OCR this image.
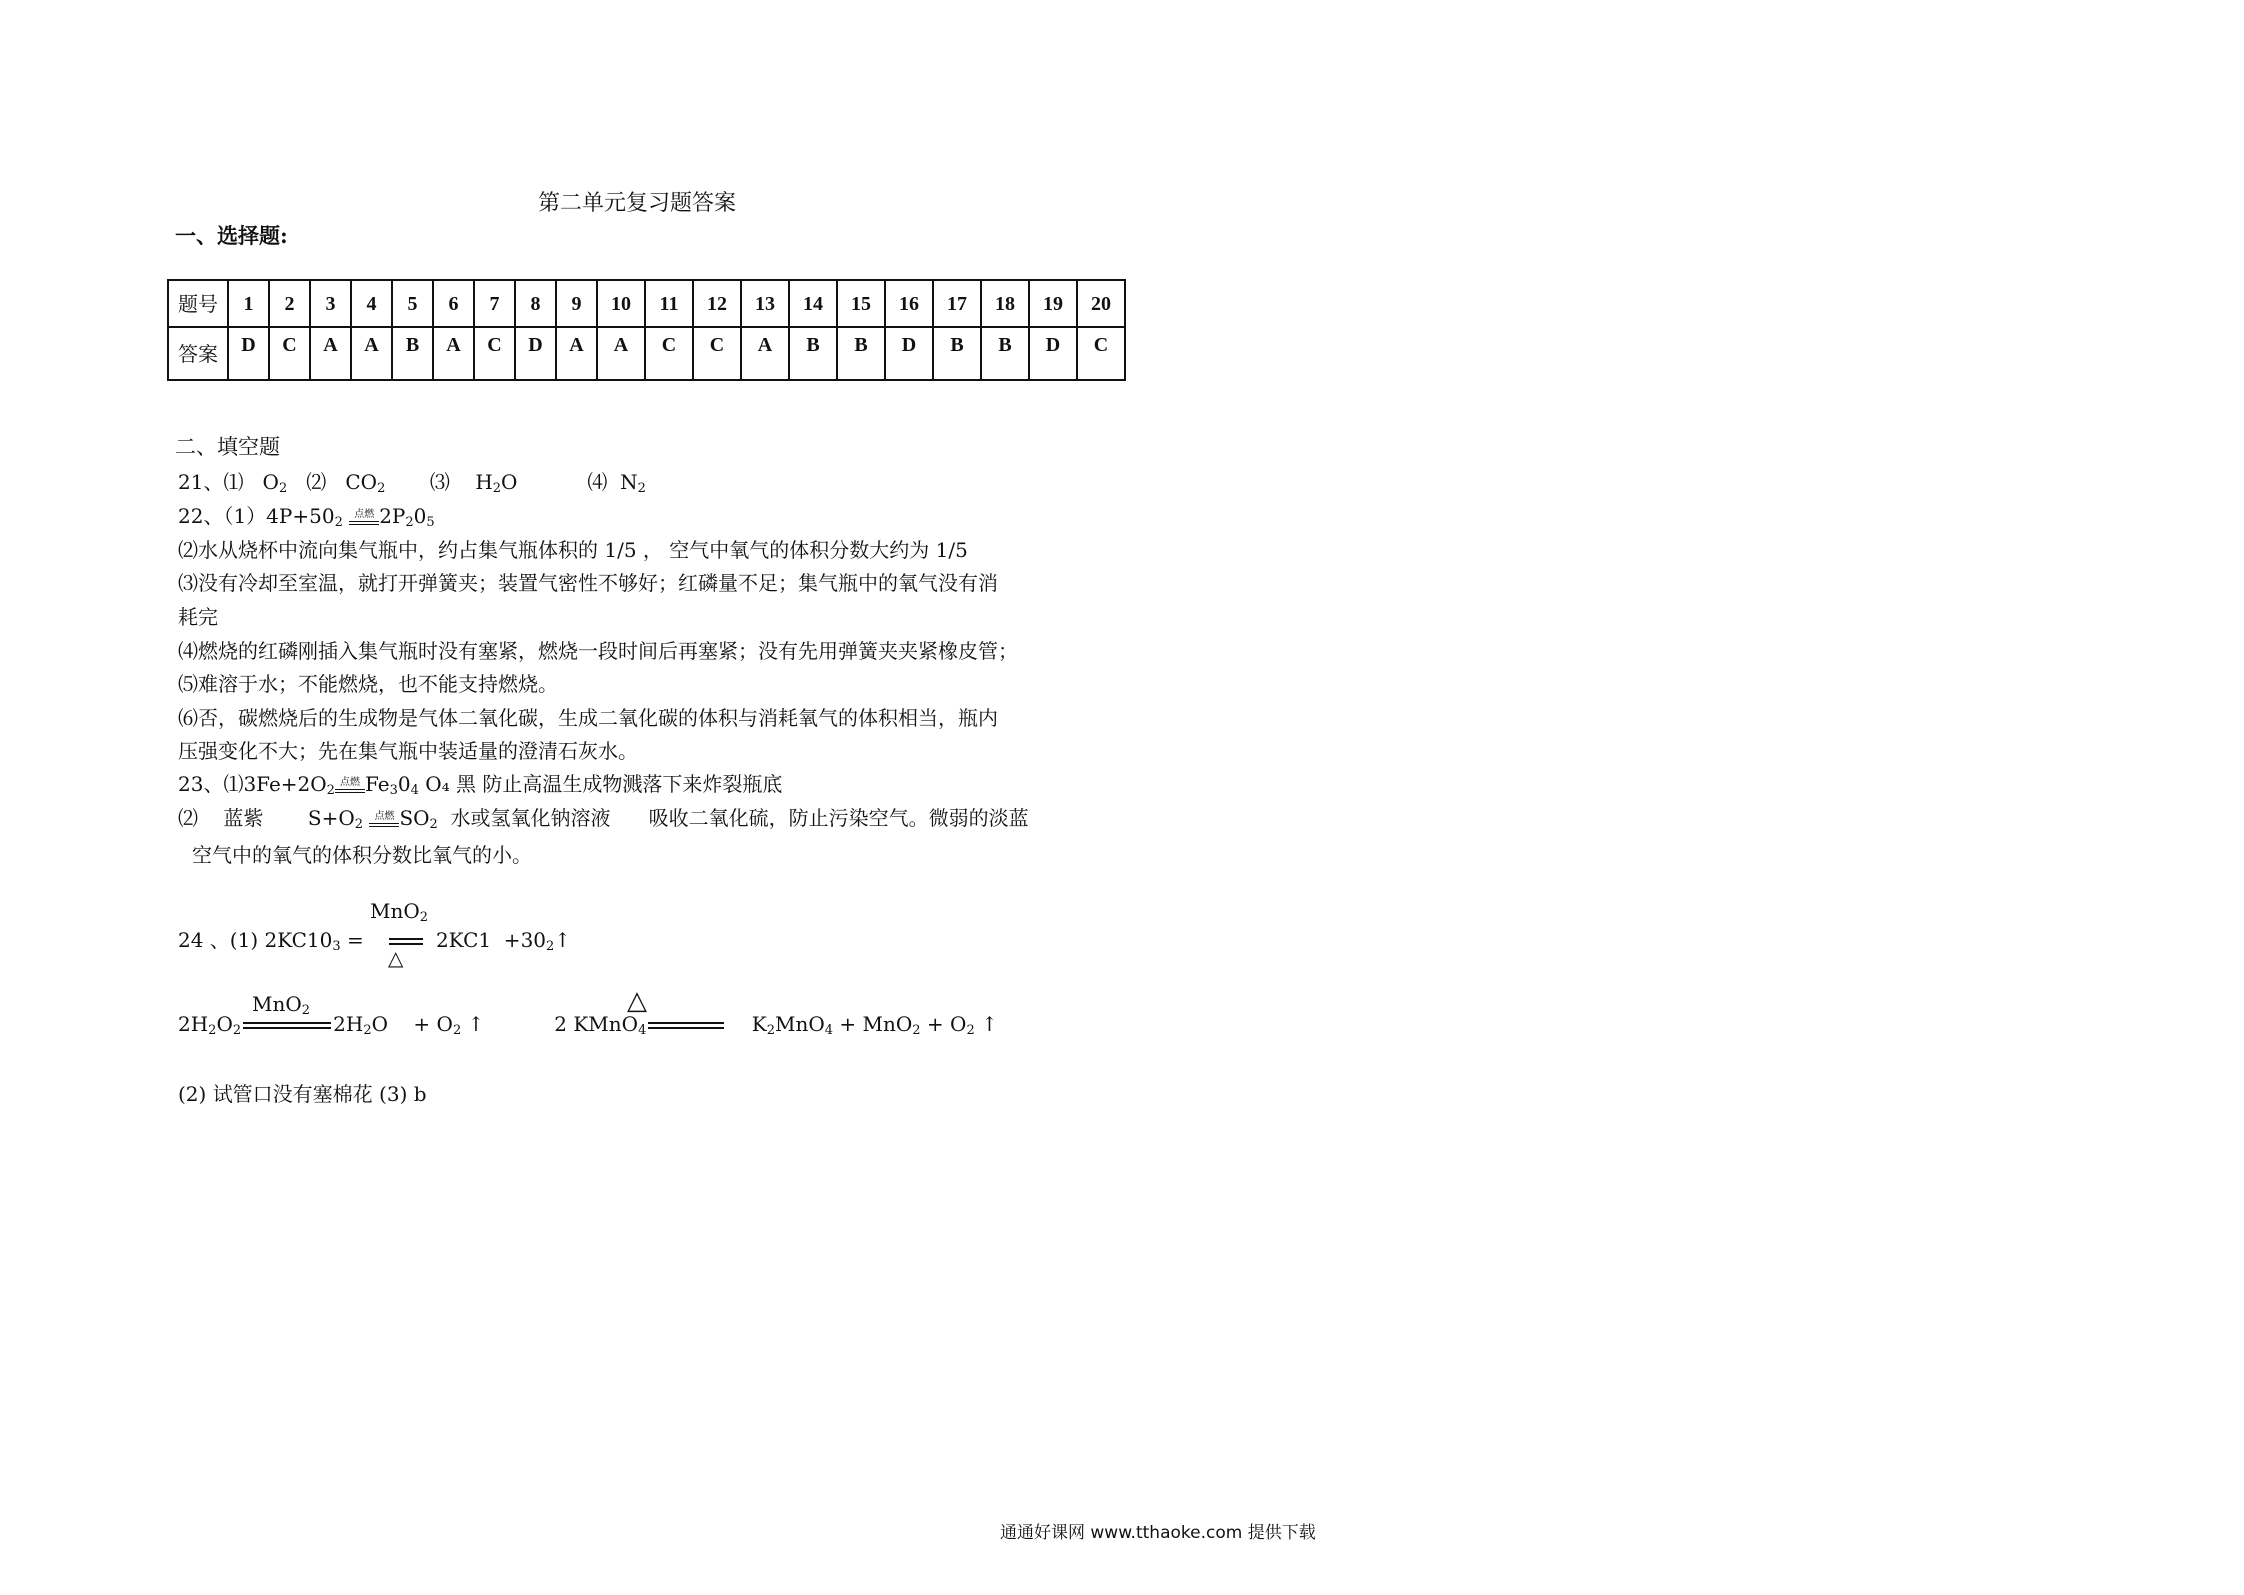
第二单元复习题答案
一、选择题:
题号	1	2	3	4	5	6	7	8	9	10	11	12	13	14	15	16	17	18	19	20
答案	D	C	A	A	B	A	C	D	A	A	C	C	A	B	B	D	B	B	D	C
二、填空题
21、⑴ $O_2$ ⑵ $CO_2$ ⑶ $H_2O$	⑷ $N_2$
22、$(1)4P+50_2$ 点燃 $2P_20_5$
⑵水从烧杯中流向集气瓶中，约占集气瓶体积的 1/5 ， 空气中氧气的体积分数大约为 1/5
⑶没有冷却至室温，就打开弹簧夹；装置气密性不够好；红磷量不足；集气瓶中的氧气没有消
耗完
⑷燃烧的红磷刚插入集气瓶时没有塞紧，燃烧一段时间后再塞紧；没有先用弹簧夹夹紧橡皮管；
⑸难溶于水；不能燃烧，也不能支持燃烧。
⑹否，碳燃烧后的生成物是气体二氧化碳，生成二氧化碳的体积与消耗氧气的体积相当，瓶内
压强变化不大；先在集气瓶中装适量的澄清石灰水。
23、$⑴3Fe+2O_2$点燃 $Fe_30_4$ O₄ 黑 防止高温生成物溅落下来炸裂瓶底
⑵    蓝紫       $S+O_2$ 点燃 $SO_2$  水或氢氧化钠溶液      吸收二氧化硫，防止污染空气。微弱的淡蓝
空气中的氧气的体积分数比氧气的小。
MnO$_2$
24 、(1) $2KC10_3$ =	$2KC1 +30_2↑$
△
MnO$_2$	△
$2H_2O_2$	$2H_2O$    + $O_2$ ↑	2 KMnO$_4$	$K_2MnO_4 + MnO_2 + O_2$ ↑
(2) 试管口没有塞棉花 (3) b
通通好课网 www.tthaoke.com 提供下载
